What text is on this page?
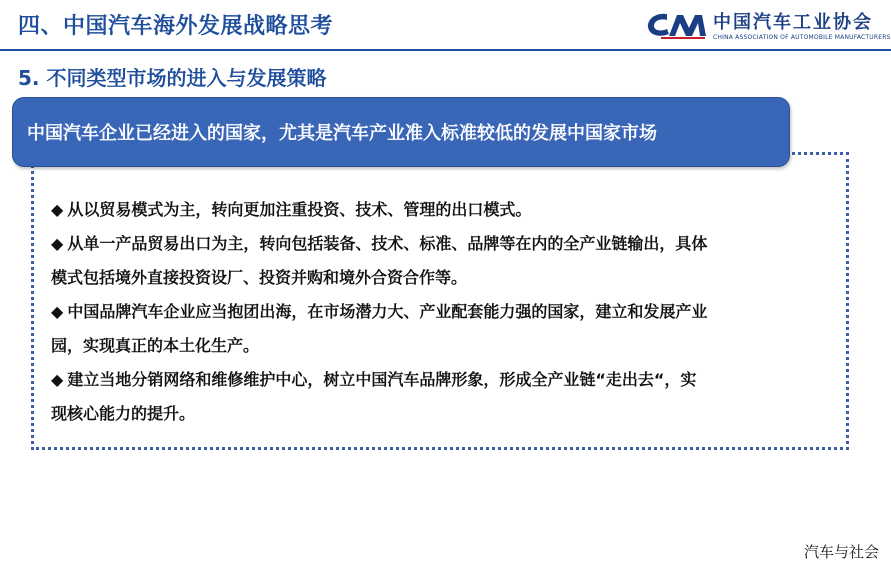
四、中国汽车海外发展战略思考	中国汽车工业协会
CHINA ASSOCIATION OF AUTOMOBILE MANUFACTURERS
5. 不同类型市场的进入与发展策略

◆ 从以贸易模式为主，转向更加注重投资、技术、管理的出口模式。

◆ 从单一产品贸易出口为主，转向包括装备、技术、标准、品牌等在内的全产业链输出，具体
模式包括境外直接投资设厂、投资并购和境外合资合作等。

◆ 中国品牌汽车企业应当抱团出海，在市场潜力大、产业配套能力强的国家，建立和发展产业
园，实现真正的本土化生产。

◆ 建立当地分销网络和维修维护中心，树立中国汽车品牌形象，形成全产业链“走出去“，实
现核心能力的提升。

中国汽车企业已经进入的国家，尤其是汽车产业准入标准较低的发展中国家市场
汽车与社会
